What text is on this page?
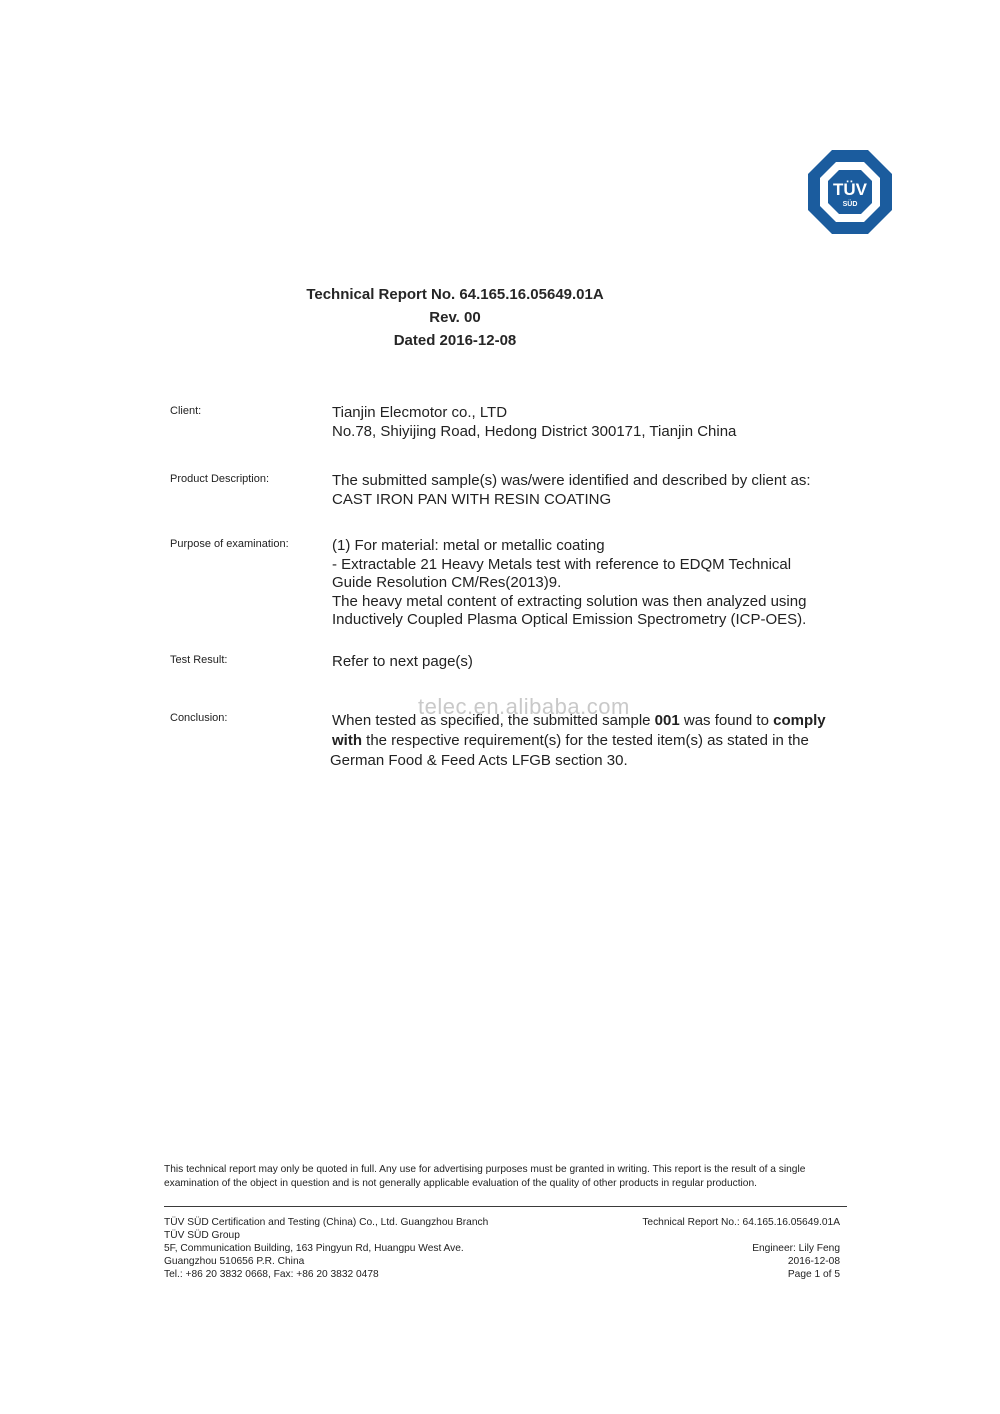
TÜV
SÜD
Technical Report No. 64.165.16.05649.01A
Rev. 00
Dated 2016-12-08
Client:	Tianjin Elecmotor co., LTD
No.78, Shiyijing Road, Hedong District 300171, Tianjin China
Product Description:	The submitted sample(s) was/were identified and described by client as:
CAST IRON PAN WITH RESIN COATING
Purpose of examination:	(1) For material: metal or metallic coating
- Extractable 21 Heavy Metals test with reference to EDQM Technical
Guide Resolution CM/Res(2013)9.
The heavy metal content of extracting solution was then analyzed using
Inductively Coupled Plasma Optical Emission Spectrometry (ICP-OES).
Test Result:	Refer to next page(s)
telec.en.alibaba.com
Conclusion:	When tested as specified, the submitted sample 001 was found to comply
with the respective requirement(s) for the tested item(s) as stated in the
German Food & Feed Acts LFGB section 30.
This technical report may only be quoted in full. Any use for advertising purposes must be granted in writing. This report is the result of a single examination of the object in question and is not generally applicable evaluation of the quality of other products in regular production.
TÜV SÜD Certification and Testing (China) Co., Ltd. Guangzhou Branch
TÜV SÜD Group
5F, Communication Building, 163 Pingyun Rd, Huangpu West Ave.
Guangzhou 510656 P.R. China
Tel.: +86 20 3832 0668, Fax: +86 20 3832 0478
Technical Report No.: 64.165.16.05649.01A
Engineer: Lily Feng
2016-12-08
Page 1 of 5
